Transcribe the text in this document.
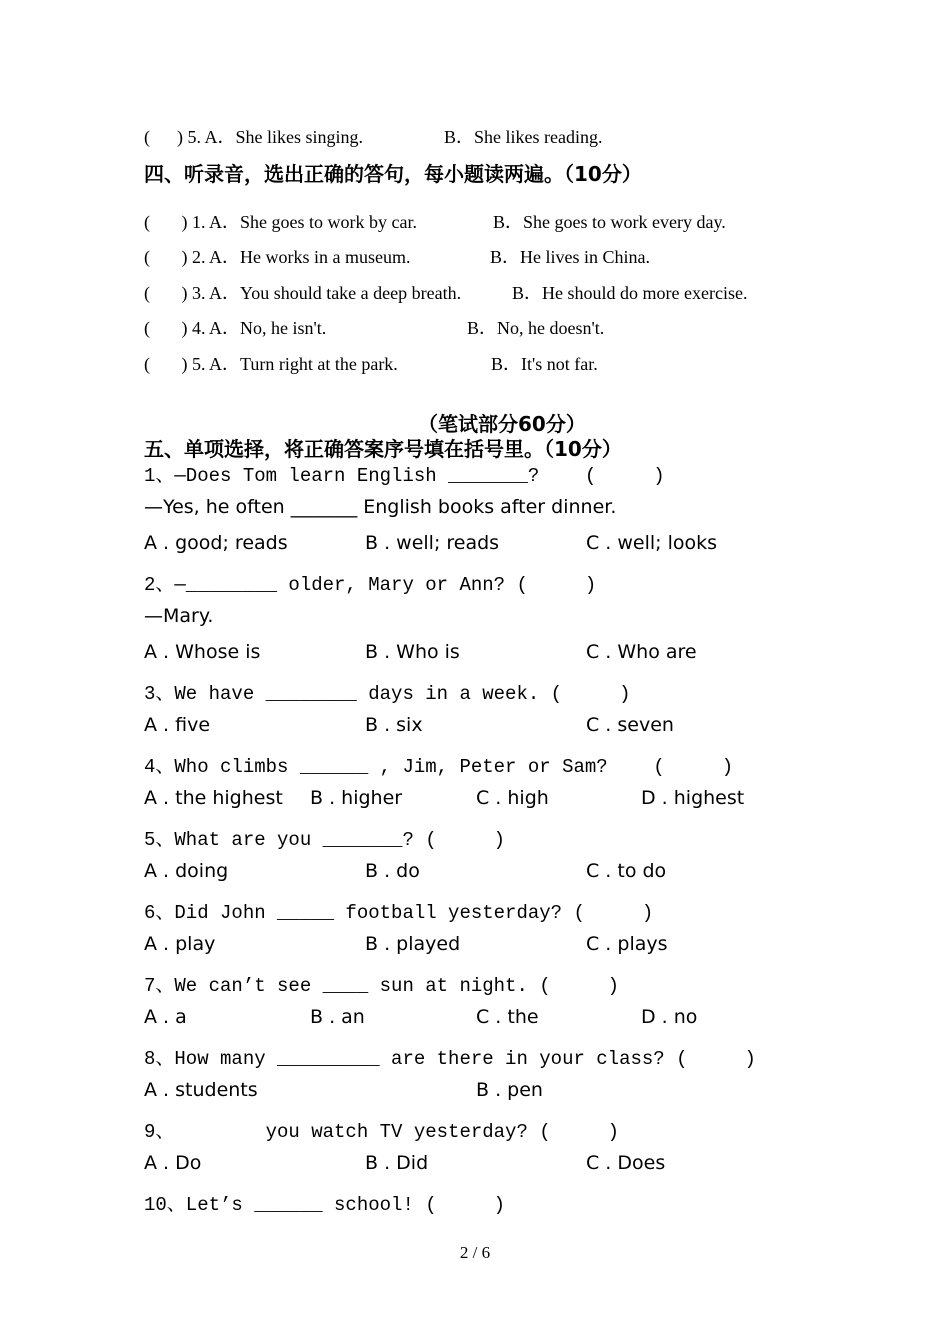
(      ) 5. A．She likes singing.	B．She likes reading.
四、听录音，选出正确的答句，每小题读两遍。（10分）
(       ) 1. A．She goes to work by car.	B．She goes to work every day.
(       ) 2. A．He works in a museum.	B．He lives in China.
(       ) 3. A．You should take a deep breath.	B．He should do more exercise.
(       ) 4. A．No, he isn't.	B．No, he doesn't.
(       ) 5. A．Turn right at the park.	B．It's not far.
（笔试部分60分）
五、单项选择，将正确答案序号填在括号里。（10分）
1、—Does Tom learn English _______?    (     )
—Yes, he often _______ English books after dinner.
A . good; reads	B . well; reads	C . well; looks
2、—________ older, Mary or Ann? (     )
—Mary.
A . Whose is	B . Who is	C . Who are
3、We have ________ days in a week. (     )
A . five	B . six	C . seven
4、Who climbs ______ , Jim, Peter or Sam?    (     )
A . the highest B . higher	C . high	D . highest
5、What are you _______? (     )
A . doing	B . do	C . to do
6、Did John _____ football yesterday? (     )
A . play	B . played	C . plays
7、We can’t see ____ sun at night. (     )
A . a	B . an	C . the	D . no
8、How many _________ are there in your class? (     )
A . students	B . pen
9、        you watch TV yesterday? (     )
A . Do	B . Did	C . Does
10、Let’s ______ school! (     )
2 / 6
